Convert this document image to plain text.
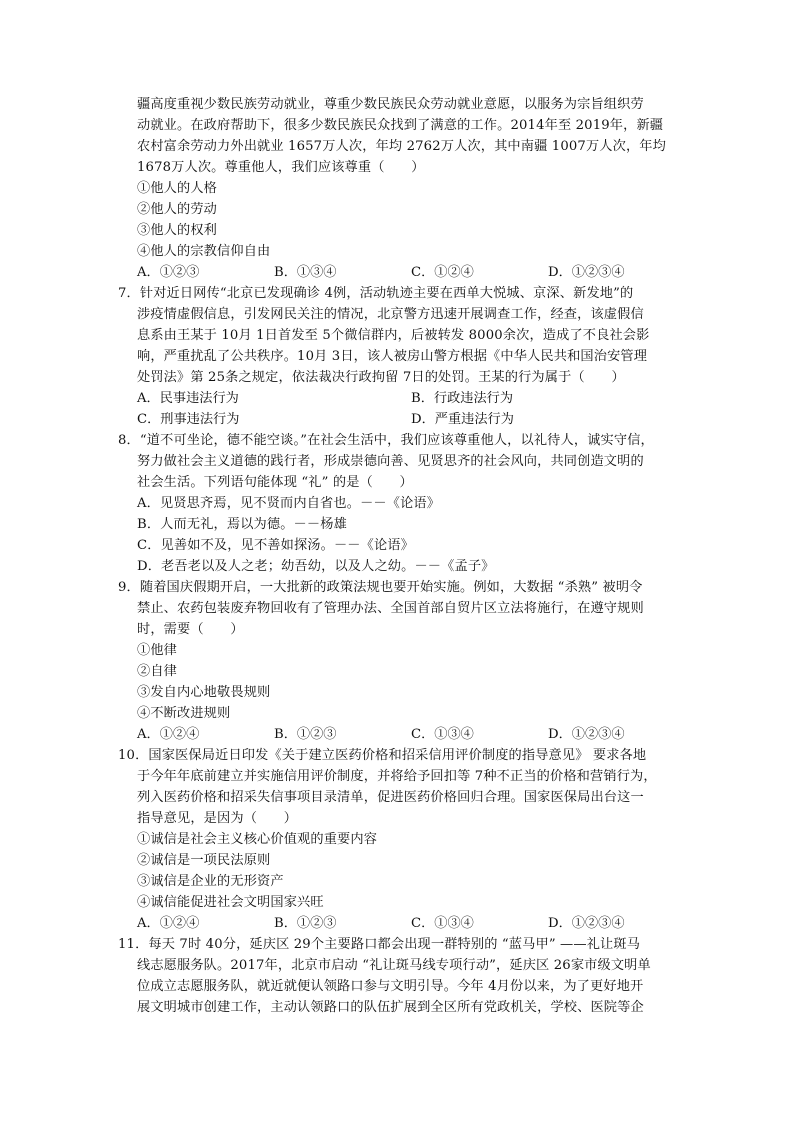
疆高度重视少数民族劳动就业，尊重少数民族民众劳动就业意愿，以服务为宗旨组织劳
动就业。在政府帮助下，很多少数民族民众找到了满意的工作。2014年至 2019年，新疆
农村富余劳动力外出就业 1657万人次，年均 2762万人次，其中南疆 1007万人次，年均
1678万人次。尊重他人，我们应该尊重（　　）
①他人的人格
②他人的劳动
③他人的权利
④他人的宗教信仰自由
A．①②③	B．①③④	C．①②④	D．①②③④
7．针对近日网传“北京已发现确诊 4例，活动轨迹主要在西单大悦城、京深、新发地”的
涉疫情虚假信息，引发网民关注的情况，北京警方迅速开展调查工作，经查，该虚假信
息系由王某于 10月 1日首发至 5个微信群内，后被转发 8000余次，造成了不良社会影
响，严重扰乱了公共秩序。10月 3日，该人被房山警方根据《中华人民共和国治安管理
处罚法》第 25条之规定，依法裁决行政拘留 7日的处罚。王某的行为属于（　　）
A．民事违法行为	B．行政违法行为
C．刑事违法行为	D．严重违法行为
8．“道不可坐论，德不能空谈。”在社会生活中，我们应该尊重他人，以礼待人，诚实守信，
努力做社会主义道德的践行者，形成崇德向善、见贤思齐的社会风向，共同创造文明的
社会生活。下列语句能体现 “礼” 的是（　　）
A．见贤思齐焉，见不贤而内自省也。－－《论语》
B．人而无礼，焉以为德。－－杨雄
C．见善如不及，见不善如探汤。－－《论语》
D．老吾老以及人之老；幼吾幼，以及人之幼。－－《孟子》
9．随着国庆假期开启，一大批新的政策法规也要开始实施。例如，大数据 “杀熟” 被明令
禁止、农药包装废弃物回收有了管理办法、全国首部自贸片区立法将施行，在遵守规则
时，需要（　　）
①他律
②自律
③发自内心地敬畏规则
④不断改进规则
A．①②④	B．①②③	C．①③④	D．①②③④
10．国家医保局近日印发《关于建立医药价格和招采信用评价制度的指导意见》 要求各地
于今年年底前建立并实施信用评价制度，并将给予回扣等 7种不正当的价格和营销行为，
列入医药价格和招采失信事项目录清单，促进医药价格回归合理。国家医保局出台这一
指导意见，是因为（　　）
①诚信是社会主义核心价值观的重要内容
②诚信是一项民法原则
③诚信是企业的无形资产
④诚信能促进社会文明国家兴旺
A．①②④	B．①②③	C．①③④	D．①②③④
11．每天 7时 40分，延庆区 29个主要路口都会出现一群特别的 “蓝马甲” ——礼让斑马
线志愿服务队。2017年，北京市启动 “礼让斑马线专项行动”，延庆区 26家市级文明单
位成立志愿服务队，就近就便认领路口参与文明引导。今年 4月份以来，为了更好地开
展文明城市创建工作，主动认领路口的队伍扩展到全区所有党政机关，学校、医院等企
